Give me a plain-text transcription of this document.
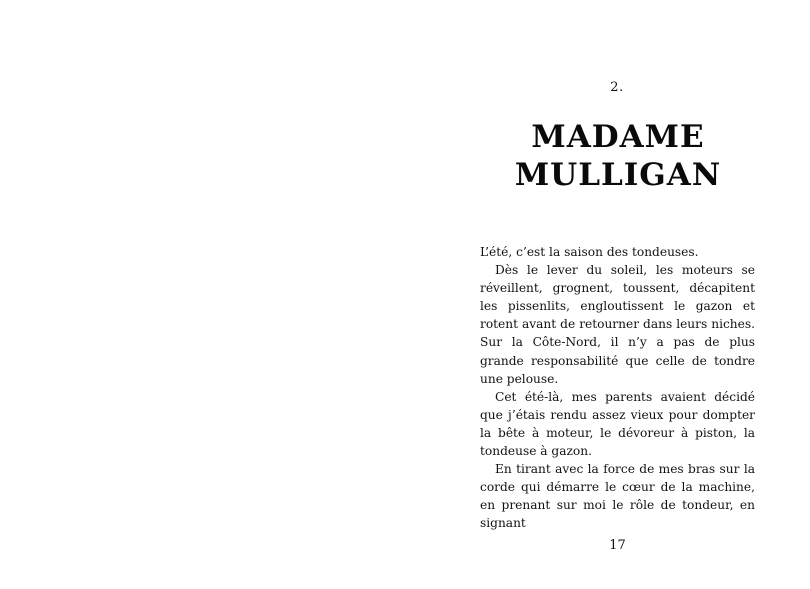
2.
MADAME
MULLIGAN

L’été, c’est la saison des tondeuses.

Dès le lever du soleil, les moteurs se réveillent, grognent, toussent, décapitent les pissenlits, engloutissent le gazon et rotent avant de retourner dans leurs niches. Sur la Côte-Nord, il n’y a pas de plus grande responsabilité que celle de tondre une pelouse.

Cet été-là, mes parents avaient décidé que j’étais rendu assez vieux pour dompter la bête à moteur, le dévoreur à piston, la tondeuse à gazon.

En tirant avec la force de mes bras sur la corde qui démarre le cœur de la machine, en prenant sur moi le rôle de tondeur, en signant

17
